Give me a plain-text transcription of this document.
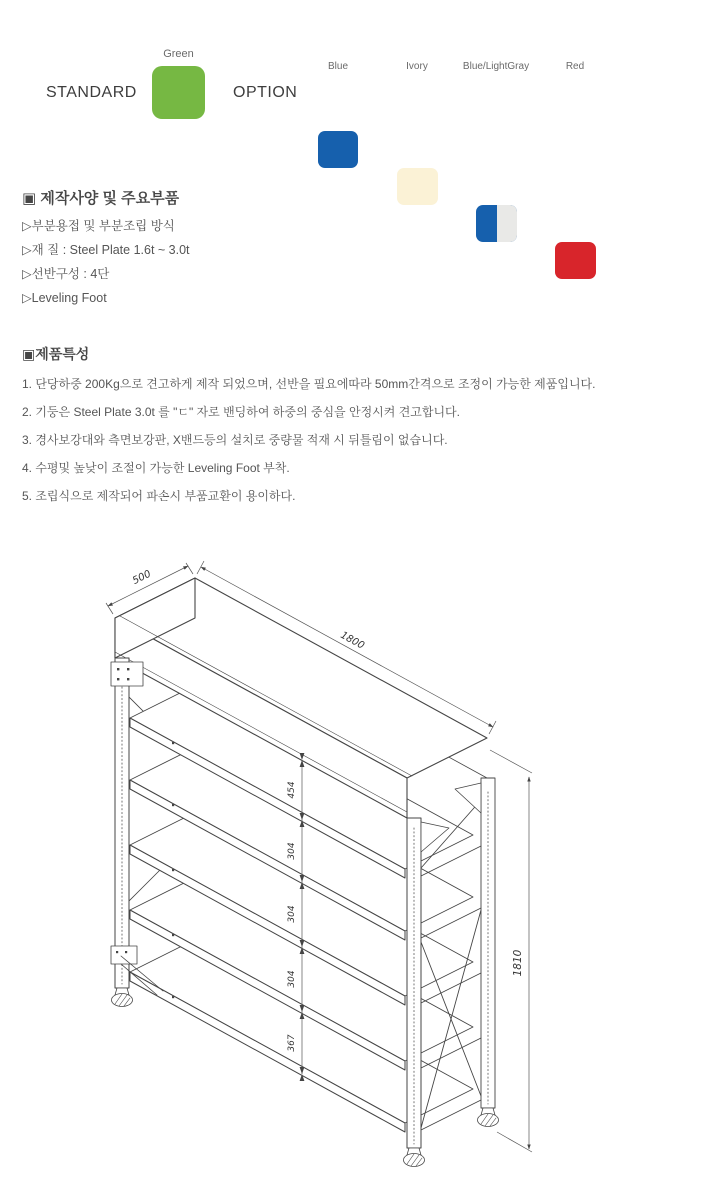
STANDARD
Green
OPTION
Blue	Ivory	Blue/LightGray	Red
▣ 제작사양 및 주요부품
▷부분용접 및 부분조립 방식
▷재 질 : Steel Plate 1.6t ~ 3.0t
▷선반구성 : 4단
▷Leveling Foot
▣제품특성
1. 단당하중 200Kg으로 견고하게 제작 되었으며, 선반을 필요에따라 50mm간격으로 조정이 가능한 제품입니다.
2. 기둥은 Steel Plate 3.0t 를 "ㄷ" 자로 밴딩하여 하중의 중심을 안정시켜 견고합니다.
3. 경사보강대와 측면보강판, X밴드등의 설치로 중량물 적재 시 뒤틀림이 없습니다.
4. 수평및 높낮이 조절이 가능한 Leveling Foot 부착.
5. 조립식으로 제작되어 파손시 부품교환이 용이하다.
500
1800
1810
454
304
304
304
367
